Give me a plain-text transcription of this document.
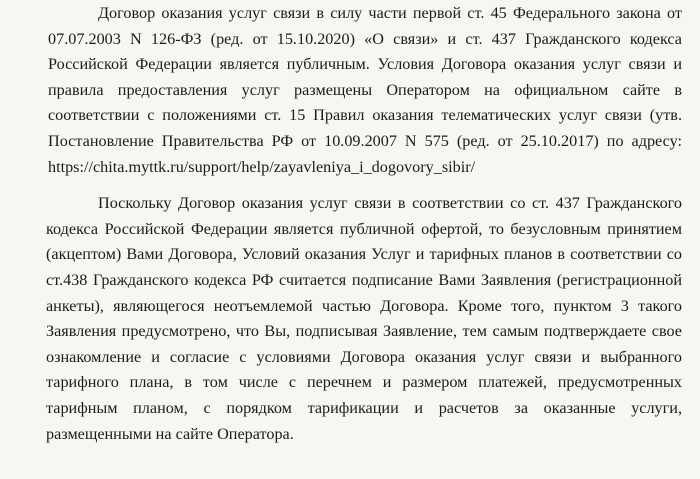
Договор оказания услуг связи в силу части первой ст. 45 Федерального закона от
07.07.2003 N 126-ФЗ (ред. от 15.10.2020) «О связи» и ст. 437 Гражданского кодекса
Российской Федерации является публичным. Условия Договора оказания услуг связи и
правила предоставления услуг размещены Оператором на официальном сайте в
соответствии с положениями ст. 15 Правил оказания телематических услуг связи (утв.
Постановление Правительства РФ от 10.09.2007 N 575 (ред. от 25.10.2017) по адресу:
https://chita.myttk.ru/support/help/zayavleniya_i_dogovory_sibir/
Поскольку Договор оказания услуг связи в соответствии со ст. 437 Гражданского
кодекса Российской Федерации является публичной офертой, то безусловным принятием
(акцептом) Вами Договора, Условий оказания Услуг и тарифных планов в соответствии со
ст.438 Гражданского кодекса РФ считается подписание Вами Заявления (регистрационной
анкеты), являющегося неотъемлемой частью Договора. Кроме того, пунктом 3 такого
Заявления предусмотрено, что Вы, подписывая Заявление, тем самым подтверждаете свое
ознакомление и согласие с условиями Договора оказания услуг связи и выбранного
тарифного плана, в том числе с перечнем и размером платежей, предусмотренных
тарифным планом, с порядком тарификации и расчетов за оказанные услуги,
размещенными на сайте Оператора.
